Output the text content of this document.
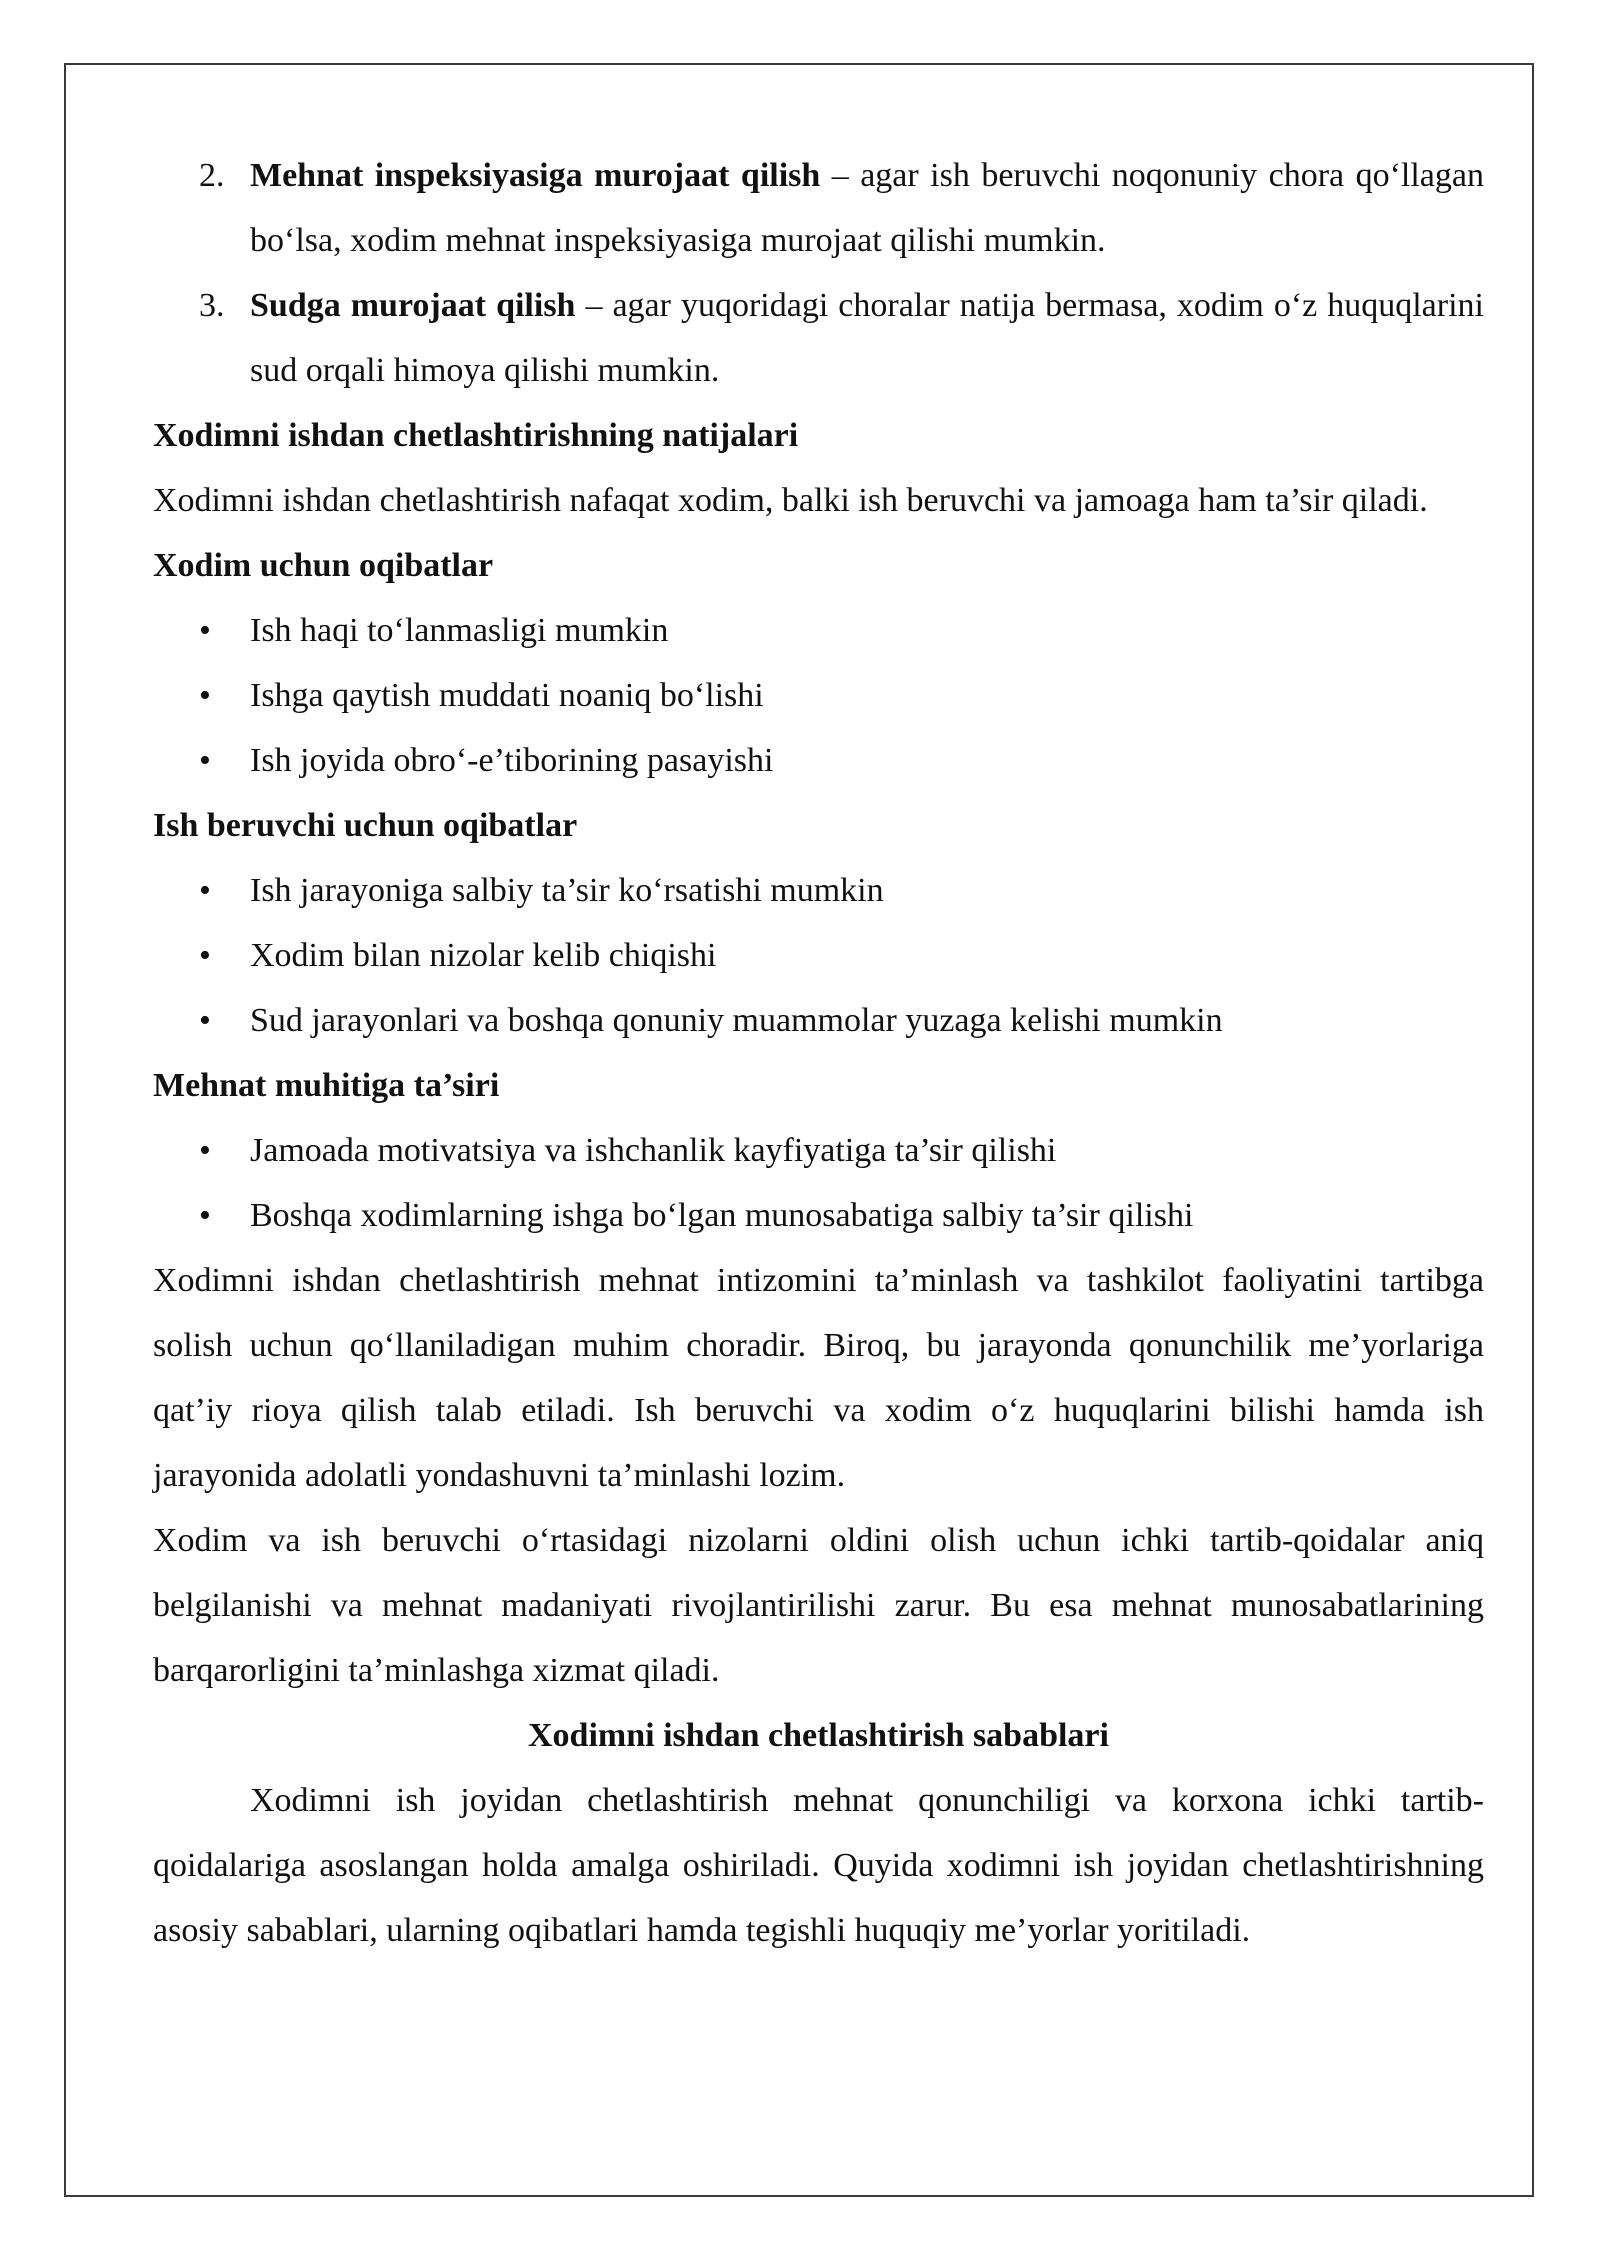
2. Mehnat inspeksiyasiga murojaat qilish – agar ish beruvchi noqonuniy chora qo‘llagan bo‘lsa, xodim mehnat inspeksiyasiga murojaat qilishi mumkin.
3. Sudga murojaat qilish – agar yuqoridagi choralar natija bermasa, xodim o‘z huquqlarini sud orqali himoya qilishi mumkin.
Xodimni ishdan chetlashtirishning natijalari

Xodimni ishdan chetlashtirish nafaqat xodim, balki ish beruvchi va jamoaga ham ta’sir qiladi.

Xodim uchun oqibatlar
• Ish haqi to‘lanmasligi mumkin
• Ishga qaytish muddati noaniq bo‘lishi
• Ish joyida obro‘-e’tiborining pasayishi
Ish beruvchi uchun oqibatlar
• Ish jarayoniga salbiy ta’sir ko‘rsatishi mumkin
• Xodim bilan nizolar kelib chiqishi
• Sud jarayonlari va boshqa qonuniy muammolar yuzaga kelishi mumkin
Mehnat muhitiga ta’siri
• Jamoada motivatsiya va ishchanlik kayfiyatiga ta’sir qilishi
• Boshqa xodimlarning ishga bo‘lgan munosabatiga salbiy ta’sir qilishi

Xodimni ishdan chetlashtirish mehnat intizomini ta’minlash va tashkilot faoliyatini tartibga solish uchun qo‘llaniladigan muhim choradir. Biroq, bu jarayonda qonunchilik me’yorlariga qat’iy rioya qilish talab etiladi. Ish beruvchi va xodim o‘z huquqlarini bilishi hamda ish jarayonida adolatli yondashuvni ta’minlashi lozim.

Xodim va ish beruvchi o‘rtasidagi nizolarni oldini olish uchun ichki tartib-qoidalar aniq belgilanishi va mehnat madaniyati rivojlantirilishi zarur. Bu esa mehnat munosabatlarining barqarorligini ta’minlashga xizmat qiladi.

Xodimni ishdan chetlashtirish sabablari

Xodimni ish joyidan chetlashtirish mehnat qonunchiligi va korxona ichki tartib-qoidalariga asoslangan holda amalga oshiriladi. Quyida xodimni ish joyidan chetlashtirishning asosiy sabablari, ularning oqibatlari hamda tegishli huquqiy me’yorlar yoritiladi.
